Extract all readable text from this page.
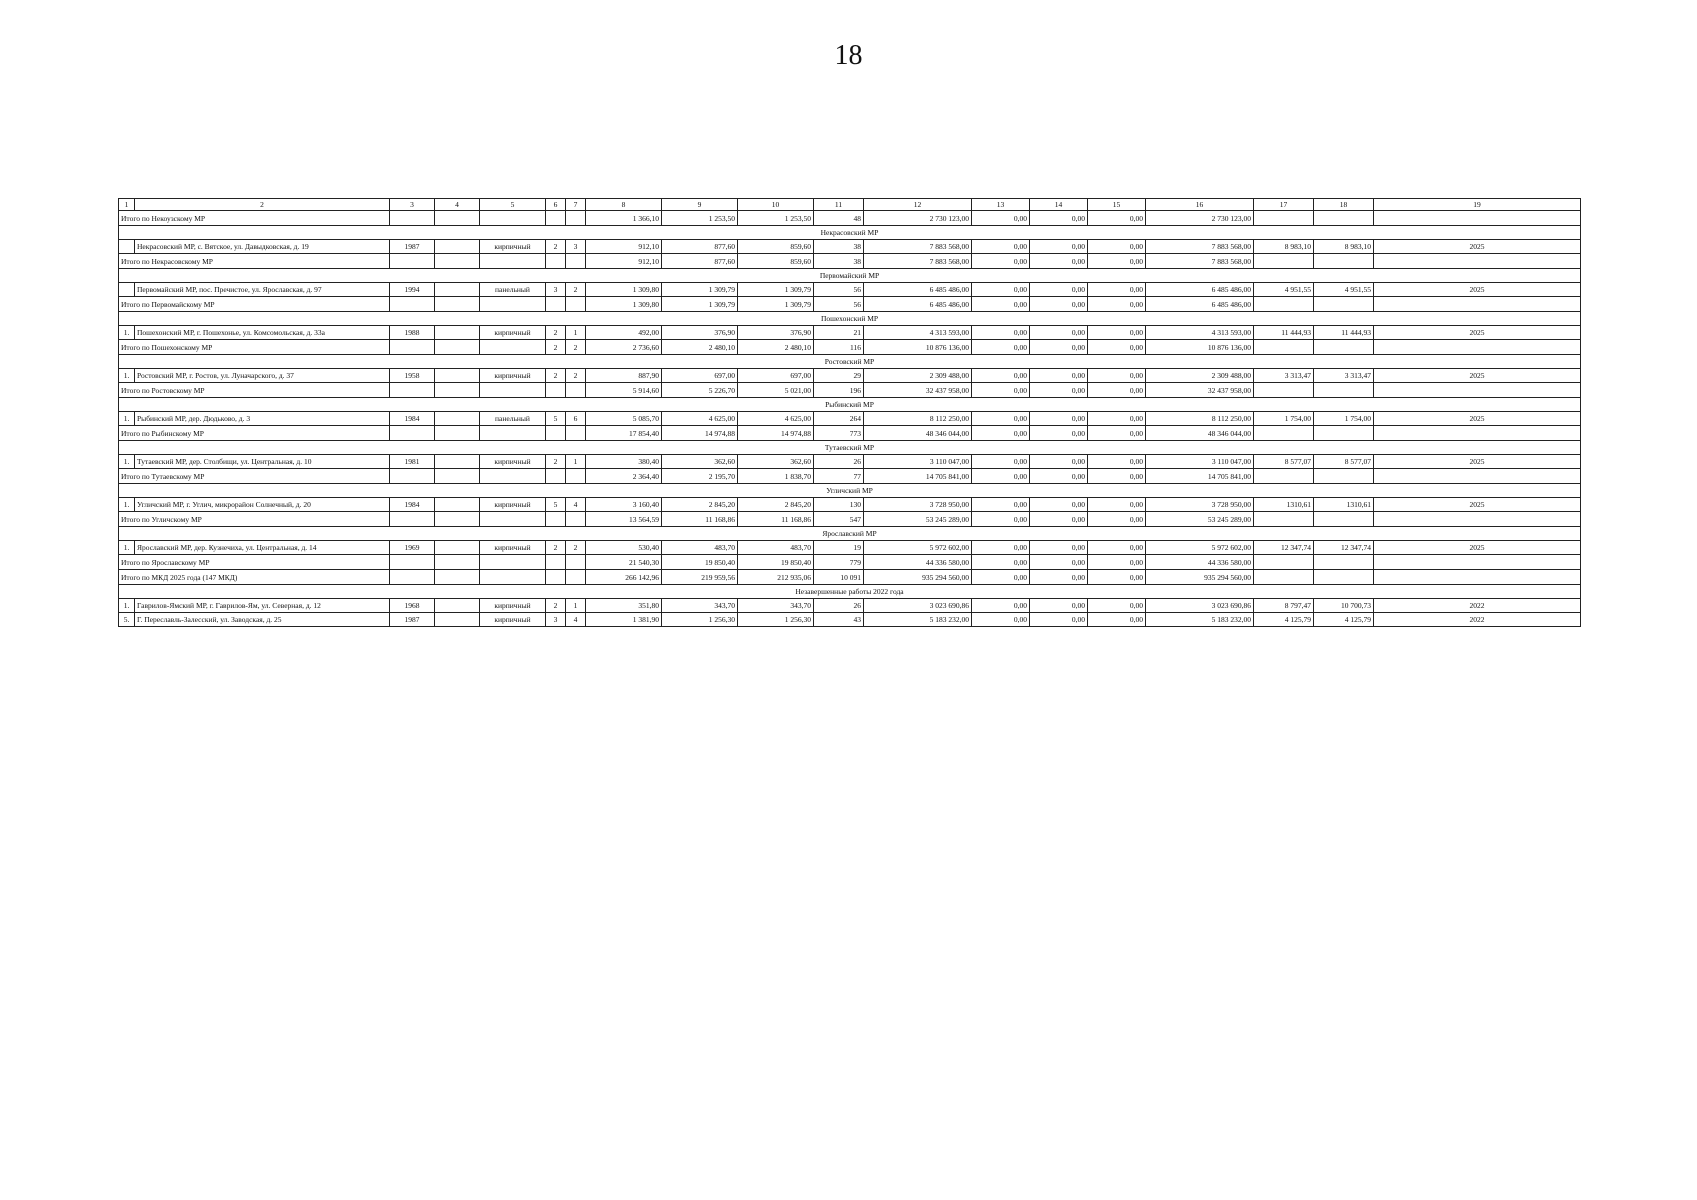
18
1	2	3	4	5	6	7	8	9	10	11	12	13	14	15	16	17	18	19
Итого по Некоузскому МР							1 366,10	1 253,50	1 253,50	48	2 730 123,00	0,00	0,00	0,00	2 730 123,00			
Некрасовский МР																		
	Некрасовский МР, с. Вятское, ул. Давыдковская, д. 19	1987		кирпичный	2	3	912,10	877,60	859,60	38	7 883 568,00	0,00	0,00	0,00	7 883 568,00	8 983,10	8 983,10	2025
Итого по Некрасовскому МР							912,10	877,60	859,60	38	7 883 568,00	0,00	0,00	0,00	7 883 568,00			
Первомайский МР																		
	Первомайский МР, пос. Пречистое, ул. Ярославская, д. 97	1994		панельный	3	2	1 309,80	1 309,79	1 309,79	56	6 485 486,00	0,00	0,00	0,00	6 485 486,00	4 951,55	4 951,55	2025
Итого по Первомайскому МР							1 309,80	1 309,79	1 309,79	56	6 485 486,00	0,00	0,00	0,00	6 485 486,00			
Пошехонский МР																		
1.	Пошехонский МР, г. Пошехонье, ул. Комсомольская, д. 33а	1988		кирпичный	2	1	492,00	376,90	376,90	21	4 313 593,00	0,00	0,00	0,00	4 313 593,00	11 444,93	11 444,93	2025
Итого по Пошехонскому МР					2	2	2 736,60	2 480,10	2 480,10	116	10 876 136,00	0,00	0,00	0,00	10 876 136,00			
Ростовский МР																		
1.	Ростовский МР, г. Ростов, ул. Луначарского, д. 37	1958		кирпичный	2	2	887,90	697,00	697,00	29	2 309 488,00	0,00	0,00	0,00	2 309 488,00	3 313,47	3 313,47	2025
Итого по Ростовскому МР							5 914,60	5 226,70	5 021,00	196	32 437 958,00	0,00	0,00	0,00	32 437 958,00			
Рыбинский МР																		
1.	Рыбинский МР, дер. Дюдьково, д. 3	1984		панельный	5	6	5 085,70	4 625,00	4 625,00	264	8 112 250,00	0,00	0,00	0,00	8 112 250,00	1 754,00	1 754,00	2025
Итого по Рыбинскому МР							17 854,40	14 974,88	14 974,88	773	48 346 044,00	0,00	0,00	0,00	48 346 044,00			
Тутаевский МР																		
1.	Тутаевский МР, дер. Столбищи, ул. Центральная, д. 10	1981		кирпичный	2	1	380,40	362,60	362,60	26	3 110 047,00	0,00	0,00	0,00	3 110 047,00	8 577,07	8 577,07	2025
Итого по Тутаевскому МР							2 364,40	2 195,70	1 838,70	77	14 705 841,00	0,00	0,00	0,00	14 705 841,00			
Угличский МР																		
1.	Угличский МР, г. Углич, микрорайон Солнечный, д. 20	1984		кирпичный	5	4	3 160,40	2 845,20	2 845,20	130	3 728 950,00	0,00	0,00	0,00	3 728 950,00	1310,61	1310,61	2025
Итого по Угличскому МР							13 564,59	11 168,86	11 168,86	547	53 245 289,00	0,00	0,00	0,00	53 245 289,00			
Ярославский МР																		
1.	Ярославский МР, дер. Кузнечиха, ул. Центральная, д. 14	1969		кирпичный	2	2	530,40	483,70	483,70	19	5 972 602,00	0,00	0,00	0,00	5 972 602,00	12 347,74	12 347,74	2025
Итого по Ярославскому МР							21 540,30	19 850,40	19 850,40	779	44 336 580,00	0,00	0,00	0,00	44 336 580,00			
Итого по МКД 2025 года (147 МКД)							266 142,96	219 959,56	212 935,06	10 091	935 294 560,00	0,00	0,00	0,00	935 294 560,00			
Незавершенные работы 2022 года																		
1.	Гаврилов-Ямский МР, г. Гаврилов-Ям, ул. Северная, д. 12	1968		кирпичный	2	1	351,80	343,70	343,70	26	3 023 690,86	0,00	0,00	0,00	3 023 690,86	8 797,47	10 700,73	2022
5.	Г. Переславль-Залесский, ул. Заводская, д. 25	1987		кирпичный	3	4	1 381,90	1 256,30	1 256,30	43	5 183 232,00	0,00	0,00	0,00	5 183 232,00	4 125,79	4 125,79	2022
